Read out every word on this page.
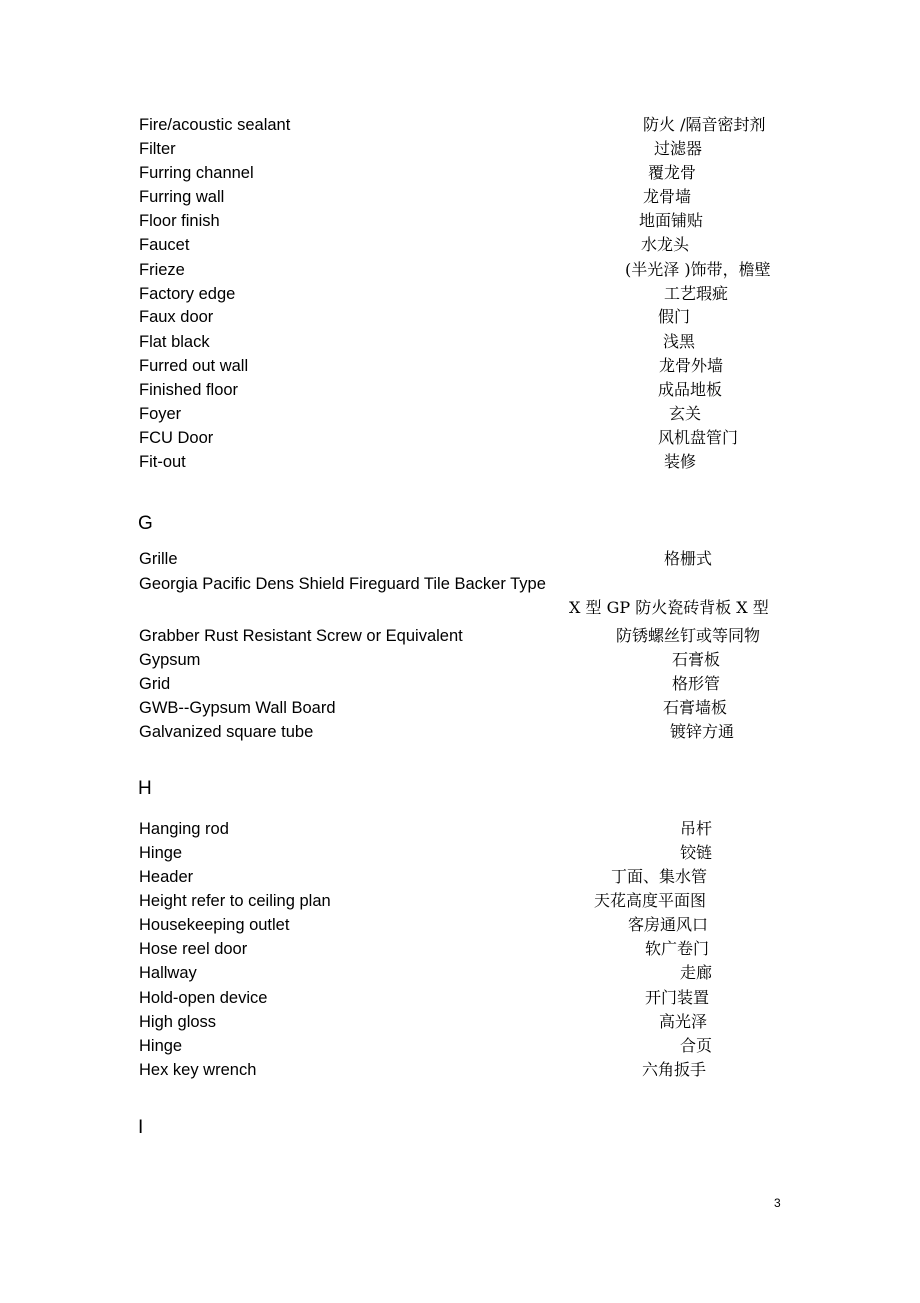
Fire/acoustic sealant	防火 /隔音密封剂
Filter	过滤器
Furring channel	覆龙骨
Furring wall	龙骨墙
Floor finish	地面铺贴
Faucet	水龙头
Frieze	(半光泽 )饰带，檐壁
Factory edge	工艺瑕疵
Faux door	假门
Flat black	浅黑
Furred out wall	龙骨外墙
Finished floor	成品地板
Foyer	玄关
FCU Door	风机盘管门
Fit-out	装修
G
Grille	格栅式
Georgia Pacific Dens Shield Fireguard Tile Backer Type
X 型 GP 防火瓷砖背板 X 型
Grabber Rust Resistant Screw or Equivalent	防锈螺丝钉或等同物
Gypsum	石膏板
Grid	格形管
GWB--Gypsum Wall Board	石膏墙板
Galvanized square tube	镀锌方通
H
Hanging rod	吊杆
Hinge	铰链
Header	丁面、集水管
Height refer to ceiling plan	天花高度平面图
Housekeeping outlet	客房通风口
Hose reel door	软广卷门
Hallway	走廊
Hold-open device	开门装置
High gloss	高光泽
Hinge	合页
Hex key wrench	六角扳手
I
3
